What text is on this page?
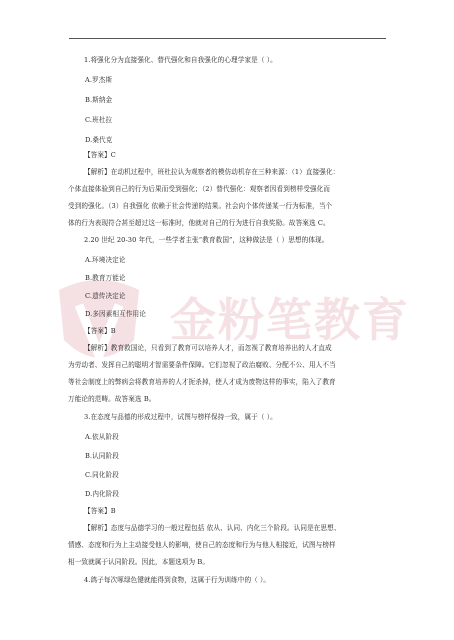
金粉笔教育
1.将强化分为直接强化、替代强化和自我强化的心理学家是（ ）。
A.罗杰斯
B.斯纳金
C.班杜拉
D.桑代克
【答案】C
【解析】在动机过程中，班杜拉认为观察者的模仿动机存在三种来源：（1）直接强化：
个体直接体验到自己的行为后果而受到强化；（2）替代强化：观察者因看到榜样受强化而
受到的强化。（3）自我强化 依赖于社会传递的结果。社会向个体传递某一行为标准，当个
体的行为表现符合甚至超过这一标准时，他就对自己的行为进行自我奖励。故答案选 C。
2.20 世纪 20-30 年代，一些学者主张“教育救国”，这种做法是（ ）思想的体现。
A.环境决定论
B.教育万能论
C.遗传决定论
D.多因素相互作用论
【答案】B
【解析】教育救国论，只看到了教育可以培养人才，而忽视了教育培养出的人才直成
为劳动者、发挥自己的聪明才智需要条件保障。它们忽视了政治腐败、分配不公、用人不当
等社会制度上的弊病会将教育培养的人才扼杀掉，使人才成为废物这样的事实，陷入了教育
万能论的范畴。故答案选 B。
3.在态度与品德的形成过程中，试图与榜样保持一致，属于（ ）。
A.依从阶段
B.认同阶段
C.同化阶段
D.内化阶段
【答案】B
【解析】态度与品德学习的一般过程包括 依从、认同、内化三个阶段。认同是在思想、
情感、态度和行为上主动接受他人的影响，使自己的态度和行为与他人相接近，试图与榜样
相一致就属于认同阶段。因此，本题选项为 B。
4.鸽子每次啄绿色键就能得到食物，这属于行为训练中的（ ）。
